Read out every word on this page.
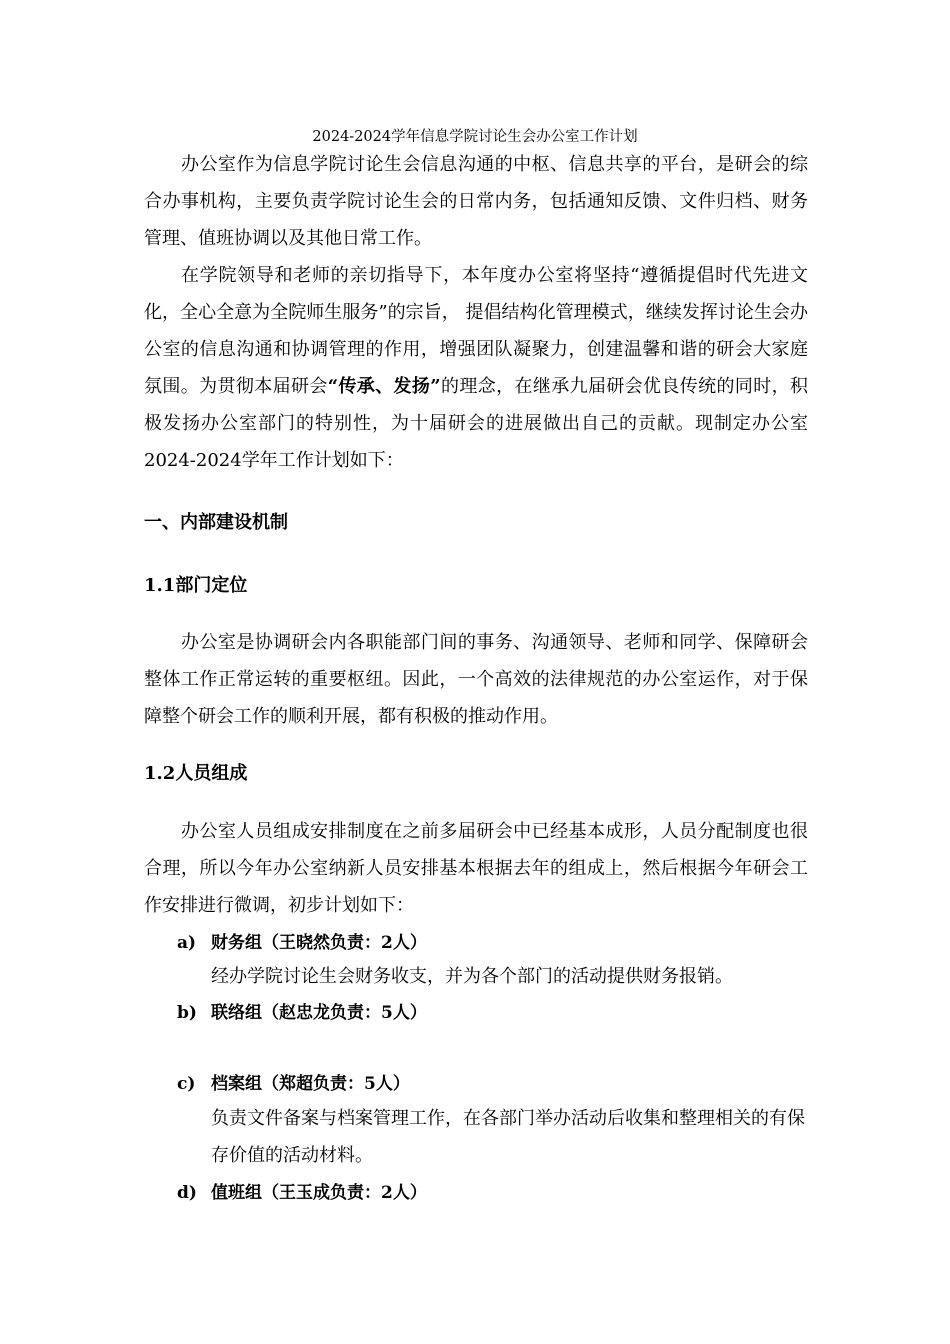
2024-2024学年信息学院讨论生会办公室工作计划
办公室作为信息学院讨论生会信息沟通的中枢、信息共享的平台，是研会的综合办事机构，主要负责学院讨论生会的日常内务，包括通知反馈、文件归档、财务管理、值班协调以及其他日常工作。
在学院领导和老师的亲切指导下，本年度办公室将坚持“遵循提倡时代先进文化，全心全意为全院师生服务”的宗旨， 提倡结构化管理模式，继续发挥讨论生会办公室的信息沟通和协调管理的作用，增强团队凝聚力，创建温馨和谐的研会大家庭氛围。为贯彻本届研会“传承、发扬”的理念，在继承九届研会优良传统的同时，积极发扬办公室部门的特别性，为十届研会的进展做出自己的贡献。现制定办公室2024-2024学年工作计划如下：
一、内部建设机制
1.1部门定位
办公室是协调研会内各职能部门间的事务、沟通领导、老师和同学、保障研会整体工作正常运转的重要枢纽。因此，一个高效的法律规范的办公室运作，对于保障整个研会工作的顺利开展，都有积极的推动作用。
1.2人员组成
办公室人员组成安排制度在之前多届研会中已经基本成形，人员分配制度也很合理，所以今年办公室纳新人员安排基本根据去年的组成上，然后根据今年研会工作安排进行微调，初步计划如下：
a) 财务组（王晓然负责：2人）
经办学院讨论生会财务收支，并为各个部门的活动提供财务报销。
b) 联络组（赵忠龙负责：5人）
c) 档案组（郑超负责：5人）
负责文件备案与档案管理工作，在各部门举办活动后收集和整理相关的有保存价值的活动材料。
d) 值班组（王玉成负责：2人）
